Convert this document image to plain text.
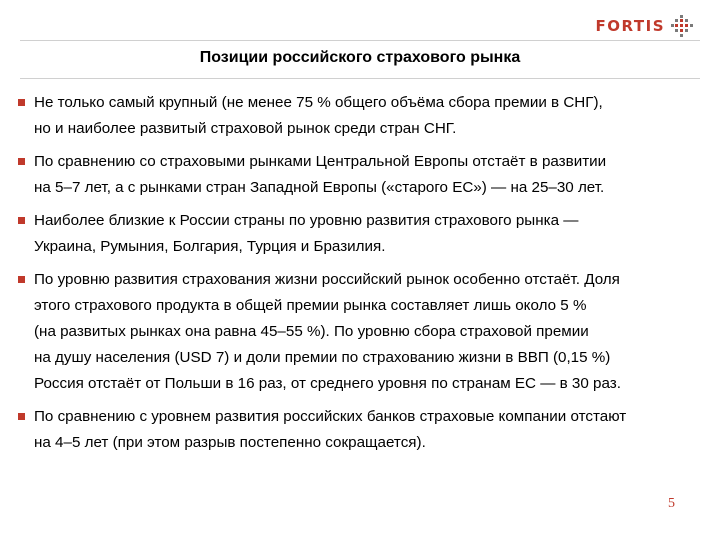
FORTIS
Позиции российского страхового рынка
Не только самый крупный (не менее 75 % общего объёма сбора премии в СНГ),
но и наиболее развитый страховой рынок среди стран СНГ.
По сравнению со страховыми рынками Центральной Европы отстаёт в развитии
на 5–7 лет, а с рынками стран Западной Европы («старого ЕС») — на 25–30 лет.
Наиболее близкие к России страны по уровню развития страхового рынка —
Украина, Румыния, Болгария, Турция и Бразилия.
По уровню развития страхования жизни российский рынок особенно отстаёт. Доля
этого страхового продукта в общей премии рынка составляет лишь около 5 %
(на развитых рынках она равна 45–55 %). По уровню сбора страховой премии
на душу населения (USD 7) и доли премии по страхованию жизни в ВВП (0,15 %)
Россия отстаёт от Польши в 16 раз, от среднего уровня по странам ЕС — в 30 раз.
По сравнению с уровнем развития российских банков страховые компании отстают
на 4–5 лет (при этом разрыв постепенно сокращается).
5
